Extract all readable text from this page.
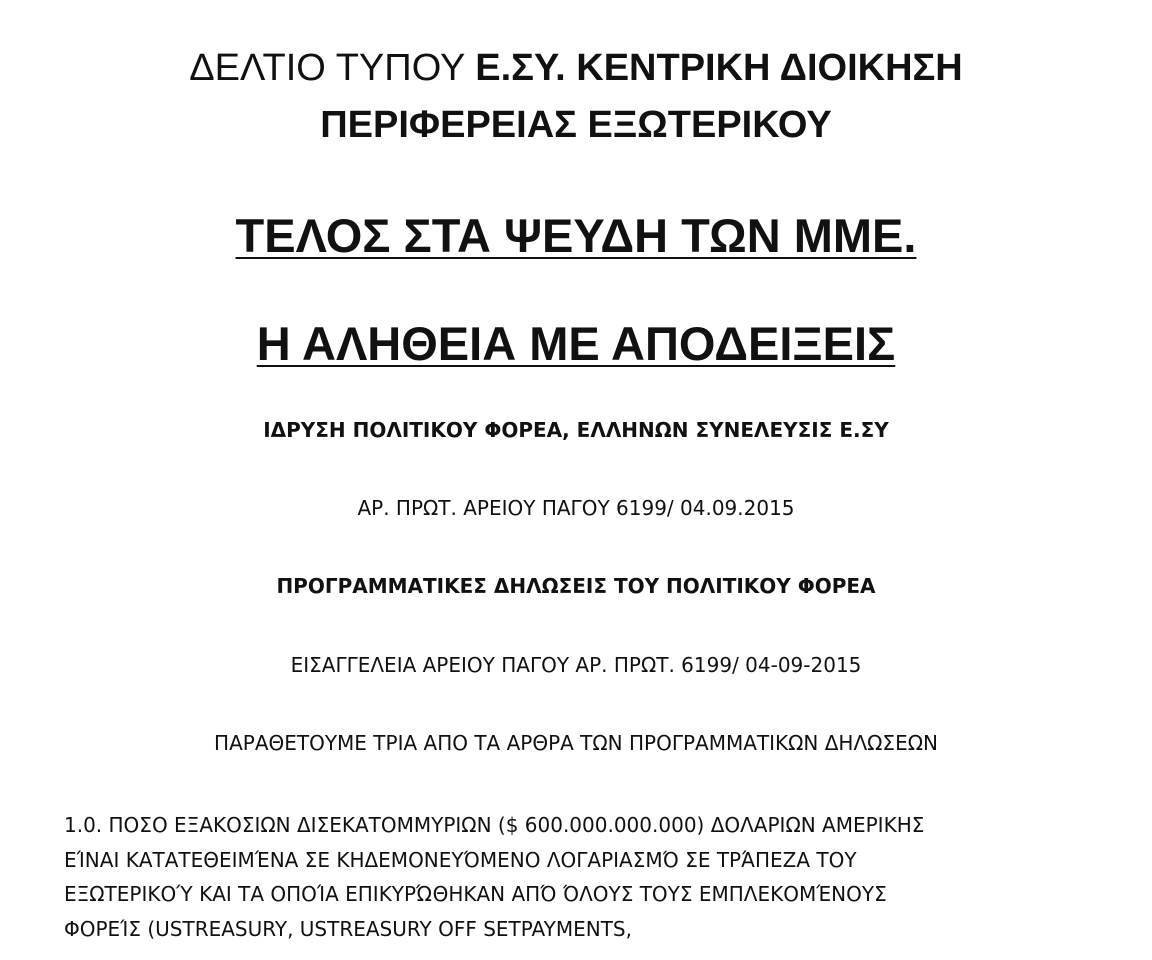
ΔΕΛΤΙΟ ΤΥΠΟΥ Ε.ΣΥ. ΚΕΝΤΡΙΚΗ ΔΙΟΙΚΗΣΗ
ΠΕΡΙΦΕΡΕΙΑΣ ΕΞΩΤΕΡΙΚΟΥ
ΤΕΛΟΣ ΣΤΑ ΨΕΥΔΗ ΤΩΝ ΜΜΕ.
Η ΑΛΗΘΕΙΑ ΜΕ ΑΠΟΔΕΙΞΕΙΣ
ΙΔΡΥΣΗ ΠΟΛΙΤΙΚΟΥ ΦΟΡΕΑ, ΕΛΛΗΝΩΝ ΣΥΝΕΛΕΥΣΙΣ Ε.ΣΥ
ΑΡ. ΠΡΩΤ. ΑΡΕΙΟΥ ΠΑΓΟΥ 6199/ 04.09.2015
ΠΡΟΓΡΑΜΜΑΤΙΚΕΣ ΔΗΛΩΣΕΙΣ ΤΟΥ ΠΟΛΙΤΙΚΟΥ ΦΟΡΕΑ
ΕΙΣΑΓΓΕΛΕΙΑ ΑΡΕΙΟΥ ΠΑΓΟΥ ΑΡ. ΠΡΩΤ. 6199/ 04-09-2015
ΠΑΡΑΘΕΤΟΥΜΕ ΤΡΙΑ ΑΠΟ ΤΑ ΑΡΘΡΑ ΤΩΝ ΠΡΟΓΡΑΜΜΑΤΙΚΩΝ ΔΗΛΩΣΕΩΝ
1.0. ΠΟΣΟ ΕΞΑΚΟΣΙΩΝ ΔΙΣΕΚΑΤΟΜΜΥΡΙΩΝ ($ 600.000.000.000) ΔΟΛΑΡΙΩΝ ΑΜΕΡΙΚΗΣ
ΕΊΝΑΙ ΚΑΤΑΤΕΘΕΙΜΈΝΑ ΣΕ ΚΗΔΕΜΟΝΕΥΌΜΕΝΟ ΛΟΓΑΡΙΑΣΜΌ ΣΕ ΤΡΆΠΕΖΑ ΤΟΥ
ΕΞΩΤΕΡΙΚΟΎ ΚΑΙ ΤΑ ΟΠΟΊΑ ΕΠΙΚΥΡΏΘΗΚΑΝ ΑΠΌ ΌΛΟΥΣ ΤΟΥΣ ΕΜΠΛΕΚΟΜΈΝΟΥΣ
ΦΟΡΕΊΣ (USTREASURY, USTREASURY OFF SETPAYMENTS,
